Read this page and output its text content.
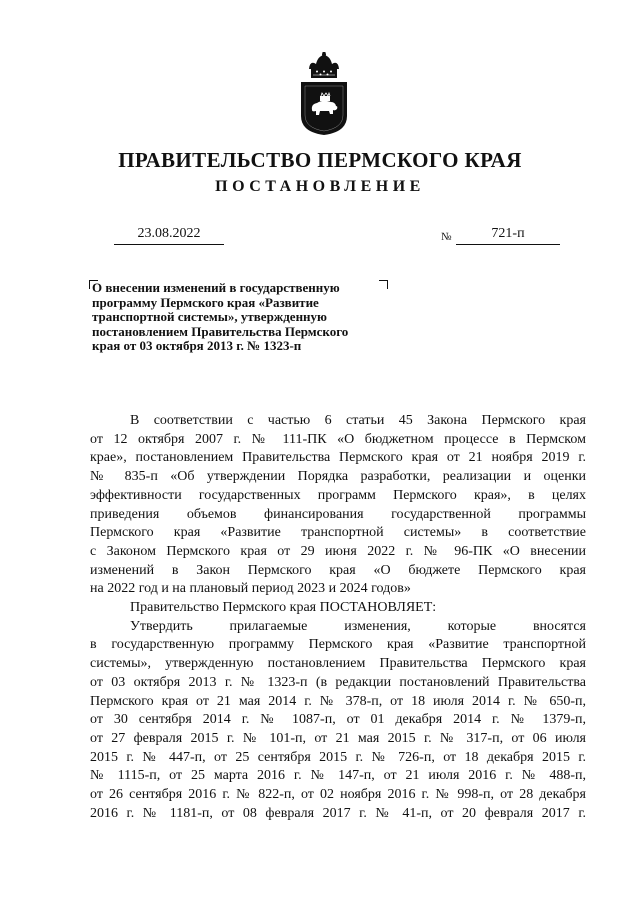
ПРАВИТЕЛЬСТВО ПЕРМСКОГО КРАЯ
ПОСТАНОВЛЕНИЕ
23.08.2022	№	721-п
О внесении изменений в государственную
программу Пермского края «Развитие
транспортной системы», утвержденную
постановлением Правительства Пермского
края от 03 октября 2013 г. № 1323-п
В соответствии с частью 6 статьи 45 Закона Пермского края
от 12 октября 2007 г. № 111-ПК «О бюджетном процессе в Пермском
крае», постановлением Правительства Пермского края от 21 ноября 2019 г.
№ 835-п «Об утверждении Порядка разработки, реализации и оценки
эффективности государственных программ Пермского края», в целях
приведения объемов финансирования государственной программы
Пермского края «Развитие транспортной системы» в соответствие
с Законом Пермского края от 29 июня 2022 г. № 96-ПК «О внесении
изменений в Закон Пермского края «О бюджете Пермского края
на 2022 год и на плановый период 2023 и 2024 годов»
Правительство Пермского края ПОСТАНОВЛЯЕТ:
Утвердить прилагаемые изменения, которые вносятся
в государственную программу Пермского края «Развитие транспортной
системы», утвержденную постановлением Правительства Пермского края
от 03 октября 2013 г. № 1323-п (в редакции постановлений Правительства
Пермского края от 21 мая 2014 г. № 378-п, от 18 июля 2014 г. № 650-п,
от 30 сентября 2014 г. № 1087-п, от 01 декабря 2014 г. № 1379-п,
от 27 февраля 2015 г. № 101-п, от 21 мая 2015 г. № 317-п, от 06 июля
2015 г. № 447-п, от 25 сентября 2015 г. № 726-п, от 18 декабря 2015 г.
№ 1115-п, от 25 марта 2016 г. № 147-п, от 21 июля 2016 г. № 488-п,
от 26 сентября 2016 г. № 822-п, от 02 ноября 2016 г. № 998-п, от 28 декабря
2016 г. № 1181-п, от 08 февраля 2017 г. № 41-п, от 20 февраля 2017 г.
